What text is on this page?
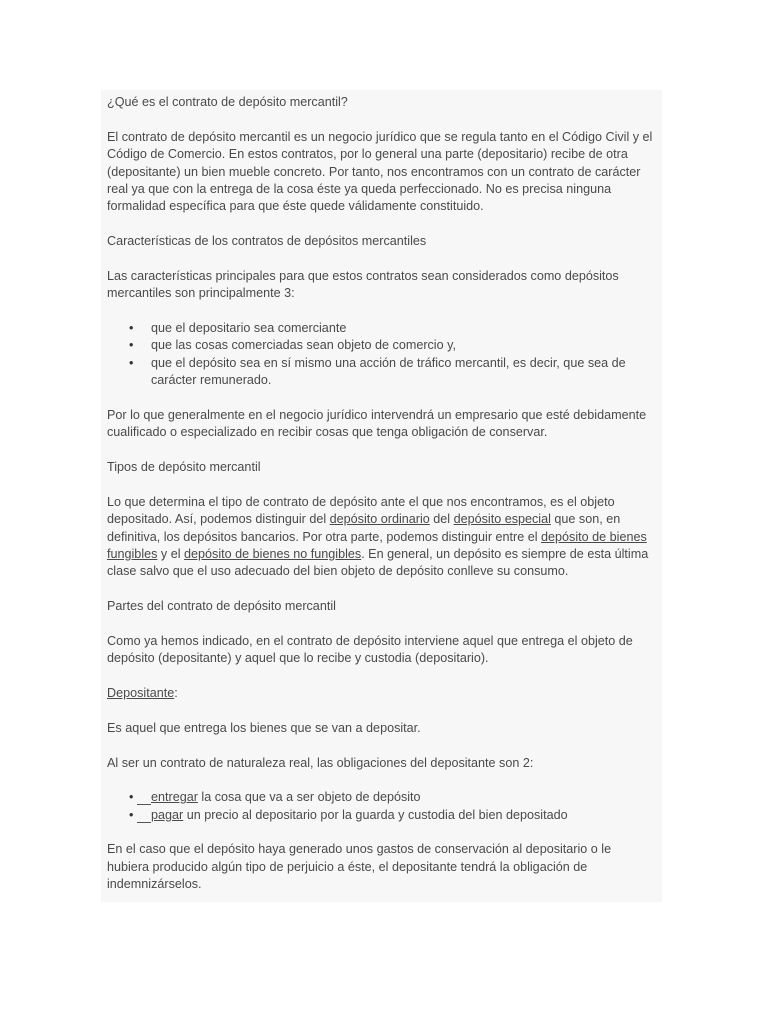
¿Qué es el contrato de depósito mercantil?

El contrato de depósito mercantil es un negocio jurídico que se regula tanto en el Código Civil y el Código de Comercio. En estos contratos, por lo general una parte (depositario) recibe de otra (depositante) un bien mueble concreto. Por tanto, nos encontramos con un contrato de carácter real ya que con la entrega de la cosa éste ya queda perfeccionado. No es precisa ninguna formalidad específica para que éste quede válidamente constituido.

Características de los contratos de depósitos mercantiles

Las características principales para que estos contratos sean considerados como depósitos mercantiles son principalmente 3:

• que el depositario sea comerciante
• que las cosas comerciadas sean objeto de comercio y,
• que el depósito sea en sí mismo una acción de tráfico mercantil, es decir, que sea de carácter remunerado.

Por lo que generalmente en el negocio jurídico intervendrá un empresario que esté debidamente cualificado o especializado en recibir cosas que tenga obligación de conservar.

Tipos de depósito mercantil

Lo que determina el tipo de contrato de depósito ante el que nos encontramos, es el objeto depositado. Así, podemos distinguir del depósito ordinario del depósito especial que son, en definitiva, los depósitos bancarios. Por otra parte, podemos distinguir entre el depósito de bienes fungibles y el depósito de bienes no fungibles. En general, un depósito es siempre de esta última clase salvo que el uso adecuado del bien objeto de depósito conlleve su consumo.

Partes del contrato de depósito mercantil

Como ya hemos indicado, en el contrato de depósito interviene aquel que entrega el objeto de depósito (depositante) y aquel que lo recibe y custodia (depositario).

Depositante:

Es aquel que entrega los bienes que se van a depositar.

Al ser un contrato de naturaleza real, las obligaciones del depositante son 2:

• entregar la cosa que va a ser objeto de depósito
• pagar un precio al depositario por la guarda y custodia del bien depositado

En el caso que el depósito haya generado unos gastos de conservación al depositario o le hubiera producido algún tipo de perjuicio a éste, el depositante tendrá la obligación de indemnizárselos.
